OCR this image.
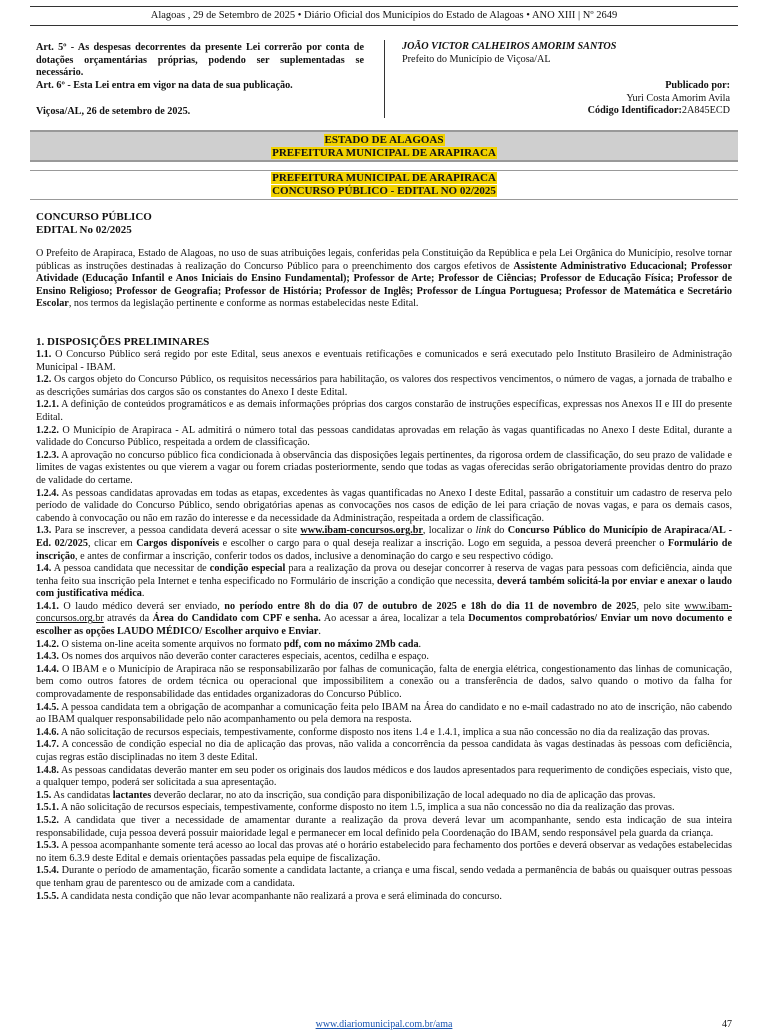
Alagoas , 29 de Setembro de 2025 • Diário Oficial dos Municípios do Estado de Alagoas • ANO XIII | Nº 2649

Art. 5º - As despesas decorrentes da presente Lei correrão por conta de dotações orçamentárias próprias, podendo ser suplementadas se necessário.

Art. 6º - Esta Lei entra em vigor na data de sua publicação.

Viçosa/AL, 26 de setembro de 2025.

JOÃO VICTOR CALHEIROS AMORIM SANTOS
Prefeito do Município de Viçosa/AL
Publicado por:
Yuri Costa Amorim Avila
Código Identificador:2A845ECD
ESTADO DE ALAGOAS
PREFEITURA MUNICIPAL DE ARAPIRACA
PREFEITURA MUNICIPAL DE ARAPIRACA
CONCURSO PÚBLICO - EDITAL NO 02/2025
CONCURSO PÚBLICO
EDITAL No 02/2025

O Prefeito de Arapiraca, Estado de Alagoas, no uso de suas atribuições legais, conferidas pela Constituição da República e pela Lei Orgânica do Município, resolve tornar públicas as instruções destinadas à realização do Concurso Público para o preenchimento dos cargos efetivos de Assistente Administrativo Educacional; Professor Atividade (Educação Infantil e Anos Iniciais do Ensino Fundamental); Professor de Arte; Professor de Ciências; Professor de Educação Física; Professor de Ensino Religioso; Professor de Geografia; Professor de História; Professor de Inglês; Professor de Língua Portuguesa; Professor de Matemática e Secretário Escolar, nos termos da legislação pertinente e conforme as normas estabelecidas neste Edital.

1. DISPOSIÇÕES PRELIMINARES

1.1. O Concurso Público será regido por este Edital, seus anexos e eventuais retificações e comunicados e será executado pelo Instituto Brasileiro de Administração Municipal - IBAM.

1.2. Os cargos objeto do Concurso Público, os requisitos necessários para habilitação, os valores dos respectivos vencimentos, o número de vagas, a jornada de trabalho e as descrições sumárias dos cargos são os constantes do Anexo I deste Edital.

1.2.1. A definição de conteúdos programáticos e as demais informações próprias dos cargos constarão de instruções específicas, expressas nos Anexos II e III do presente Edital.

1.2.2. O Município de Arapiraca - AL admitirá o número total das pessoas candidatas aprovadas em relação às vagas quantificadas no Anexo I deste Edital, durante a validade do Concurso Público, respeitada a ordem de classificação.

1.2.3. A aprovação no concurso público fica condicionada à observância das disposições legais pertinentes, da rigorosa ordem de classificação, do seu prazo de validade e limites de vagas existentes ou que vierem a vagar ou forem criadas posteriormente, sendo que todas as vagas oferecidas serão obrigatoriamente providas dentro do prazo de validade do certame.

1.2.4. As pessoas candidatas aprovadas em todas as etapas, excedentes às vagas quantificadas no Anexo I deste Edital, passarão a constituir um cadastro de reserva pelo período de validade do Concurso Público, sendo obrigatórias apenas as convocações nos casos de edição de lei para criação de novas vagas, e para os demais casos, cabendo à convocação ou não em razão do interesse e da necessidade da Administração, respeitada a ordem de classificação.

1.3. Para se inscrever, a pessoa candidata deverá acessar o site www.ibam-concursos.org.br, localizar o link do Concurso Público do Município de Arapiraca/AL - Ed. 02/2025, clicar em Cargos disponíveis e escolher o cargo para o qual deseja realizar a inscrição. Logo em seguida, a pessoa deverá preencher o Formulário de inscrição, e antes de confirmar a inscrição, conferir todos os dados, inclusive a denominação do cargo e seu respectivo código.

1.4. A pessoa candidata que necessitar de condição especial para a realização da prova ou desejar concorrer à reserva de vagas para pessoas com deficiência, ainda que tenha feito sua inscrição pela Internet e tenha especificado no Formulário de inscrição a condição que necessita, deverá também solicitá-la por enviar e anexar o laudo com justificativa médica.

1.4.1. O laudo médico deverá ser enviado, no período entre 8h do dia 07 de outubro de 2025 e 18h do dia 11 de novembro de 2025, pelo site www.ibam-concursos.org.br através da Área do Candidato com CPF e senha. Ao acessar a área, localizar a tela Documentos comprobatórios/ Enviar um novo documento e escolher as opções LAUDO MÉDICO/ Escolher arquivo e Enviar.

1.4.2. O sistema on-line aceita somente arquivos no formato pdf, com no máximo 2Mb cada.

1.4.3. Os nomes dos arquivos não deverão conter caracteres especiais, acentos, cedilha e espaço.

1.4.4. O IBAM e o Município de Arapiraca não se responsabilizarão por falhas de comunicação, falta de energia elétrica, congestionamento das linhas de comunicação, bem como outros fatores de ordem técnica ou operacional que impossibilitem a conexão ou a transferência de dados, salvo quando o motivo da falha for comprovadamente de responsabilidade das entidades organizadoras do Concurso Público.

1.4.5. A pessoa candidata tem a obrigação de acompanhar a comunicação feita pelo IBAM na Área do candidato e no e-mail cadastrado no ato de inscrição, não cabendo ao IBAM qualquer responsabilidade pelo não acompanhamento ou pela demora na resposta.

1.4.6. A não solicitação de recursos especiais, tempestivamente, conforme disposto nos itens 1.4 e 1.4.1, implica a sua não concessão no dia da realização das provas.

1.4.7. A concessão de condição especial no dia de aplicação das provas, não valida a concorrência da pessoa candidata às vagas destinadas às pessoas com deficiência, cujas regras estão disciplinadas no item 3 deste Edital.

1.4.8. As pessoas candidatas deverão manter em seu poder os originais dos laudos médicos e dos laudos apresentados para requerimento de condições especiais, visto que, a qualquer tempo, poderá ser solicitada a sua apresentação.

1.5. As candidatas lactantes deverão declarar, no ato da inscrição, sua condição para disponibilização de local adequado no dia de aplicação das provas.

1.5.1. A não solicitação de recursos especiais, tempestivamente, conforme disposto no item 1.5, implica a sua não concessão no dia da realização das provas.

1.5.2. A candidata que tiver a necessidade de amamentar durante a realização da prova deverá levar um acompanhante, sendo esta indicação de sua inteira responsabilidade, cuja pessoa deverá possuir maioridade legal e permanecer em local definido pela Coordenação do IBAM, sendo responsável pela guarda da criança.

1.5.3. A pessoa acompanhante somente terá acesso ao local das provas até o horário estabelecido para fechamento dos portões e deverá observar as vedações estabelecidas no item 6.3.9 deste Edital e demais orientações passadas pela equipe de fiscalização.

1.5.4. Durante o período de amamentação, ficarão somente a candidata lactante, a criança e uma fiscal, sendo vedada a permanência de babás ou quaisquer outras pessoas que tenham grau de parentesco ou de amizade com a candidata.

1.5.5. A candidata nesta condição que não levar acompanhante não realizará a prova e será eliminada do concurso.

www.diariomunicipal.com.br/ama	47
